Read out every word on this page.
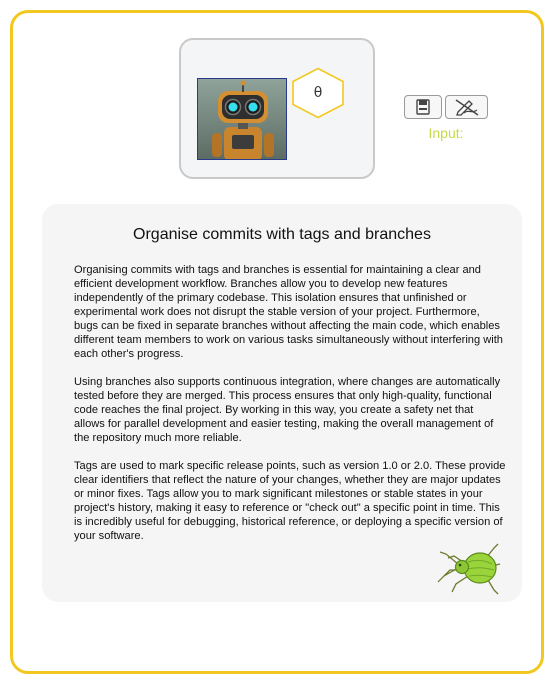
θ
Input:
Organise commits with tags and branches

Organising commits with tags and branches is essential for maintaining a clear and efficient development workflow. Branches allow you to develop new features independently of the primary codebase. This isolation ensures that unfinished or experimental work does not disrupt the stable version of your project. Furthermore, bugs can be fixed in separate branches without affecting the main code, which enables different team members to work on various tasks simultaneously without interfering with each other's progress.

Using branches also supports continuous integration, where changes are automatically tested before they are merged. This process ensures that only high-quality, functional code reaches the final project. By working in this way, you create a safety net that allows for parallel development and easier testing, making the overall management of the repository much more reliable.

Tags are used to mark specific release points, such as version 1.0 or 2.0. These provide clear identifiers that reflect the nature of your changes, whether they are major updates or minor fixes. Tags allow you to mark significant milestones or stable states in your project's history, making it easy to reference or "check out" a specific point in time. This is incredibly useful for debugging, historical reference, or deploying a specific version of your software.
